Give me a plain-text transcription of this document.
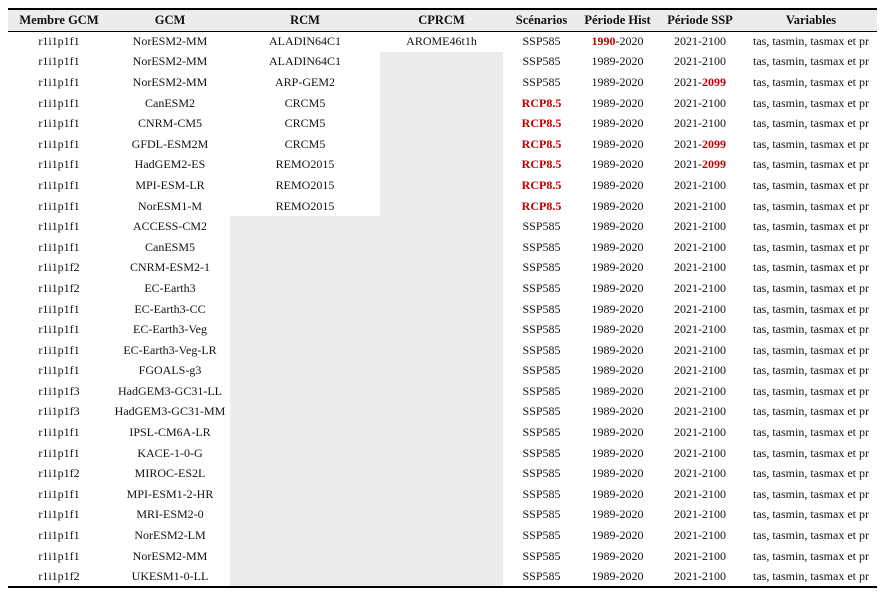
Membre GCM	GCM	RCM	CPRCM	Scénarios	Période Hist	Période SSP	Variables
r1i1p1f1	NorESM2-MM	ALADIN64C1	AROME46t1h	SSP585	1990-2020	2021-2100	tas, tasmin, tasmax et pr
r1i1p1f1	NorESM2-MM	ALADIN64C1		SSP585	1989-2020	2021-2100	tas, tasmin, tasmax et pr
r1i1p1f1	NorESM2-MM	ARP-GEM2		SSP585	1989-2020	2021-2099	tas, tasmin, tasmax et pr
r1i1p1f1	CanESM2	CRCM5		RCP8.5	1989-2020	2021-2100	tas, tasmin, tasmax et pr
r1i1p1f1	CNRM-CM5	CRCM5		RCP8.5	1989-2020	2021-2100	tas, tasmin, tasmax et pr
r1i1p1f1	GFDL-ESM2M	CRCM5		RCP8.5	1989-2020	2021-2099	tas, tasmin, tasmax et pr
r1i1p1f1	HadGEM2-ES	REMO2015		RCP8.5	1989-2020	2021-2099	tas, tasmin, tasmax et pr
r1i1p1f1	MPI-ESM-LR	REMO2015		RCP8.5	1989-2020	2021-2100	tas, tasmin, tasmax et pr
r1i1p1f1	NorESM1-M	REMO2015		RCP8.5	1989-2020	2021-2100	tas, tasmin, tasmax et pr
r1i1p1f1	ACCESS-CM2			SSP585	1989-2020	2021-2100	tas, tasmin, tasmax et pr
r1i1p1f1	CanESM5			SSP585	1989-2020	2021-2100	tas, tasmin, tasmax et pr
r1i1p1f2	CNRM-ESM2-1			SSP585	1989-2020	2021-2100	tas, tasmin, tasmax et pr
r1i1p1f2	EC-Earth3			SSP585	1989-2020	2021-2100	tas, tasmin, tasmax et pr
r1i1p1f1	EC-Earth3-CC			SSP585	1989-2020	2021-2100	tas, tasmin, tasmax et pr
r1i1p1f1	EC-Earth3-Veg			SSP585	1989-2020	2021-2100	tas, tasmin, tasmax et pr
r1i1p1f1	EC-Earth3-Veg-LR			SSP585	1989-2020	2021-2100	tas, tasmin, tasmax et pr
r1i1p1f1	FGOALS-g3			SSP585	1989-2020	2021-2100	tas, tasmin, tasmax et pr
r1i1p1f3	HadGEM3-GC31-LL			SSP585	1989-2020	2021-2100	tas, tasmin, tasmax et pr
r1i1p1f3	HadGEM3-GC31-MM			SSP585	1989-2020	2021-2100	tas, tasmin, tasmax et pr
r1i1p1f1	IPSL-CM6A-LR			SSP585	1989-2020	2021-2100	tas, tasmin, tasmax et pr
r1i1p1f1	KACE-1-0-G			SSP585	1989-2020	2021-2100	tas, tasmin, tasmax et pr
r1i1p1f2	MIROC-ES2L			SSP585	1989-2020	2021-2100	tas, tasmin, tasmax et pr
r1i1p1f1	MPI-ESM1-2-HR			SSP585	1989-2020	2021-2100	tas, tasmin, tasmax et pr
r1i1p1f1	MRI-ESM2-0			SSP585	1989-2020	2021-2100	tas, tasmin, tasmax et pr
r1i1p1f1	NorESM2-LM			SSP585	1989-2020	2021-2100	tas, tasmin, tasmax et pr
r1i1p1f1	NorESM2-MM			SSP585	1989-2020	2021-2100	tas, tasmin, tasmax et pr
r1i1p1f2	UKESM1-0-LL			SSP585	1989-2020	2021-2100	tas, tasmin, tasmax et pr
